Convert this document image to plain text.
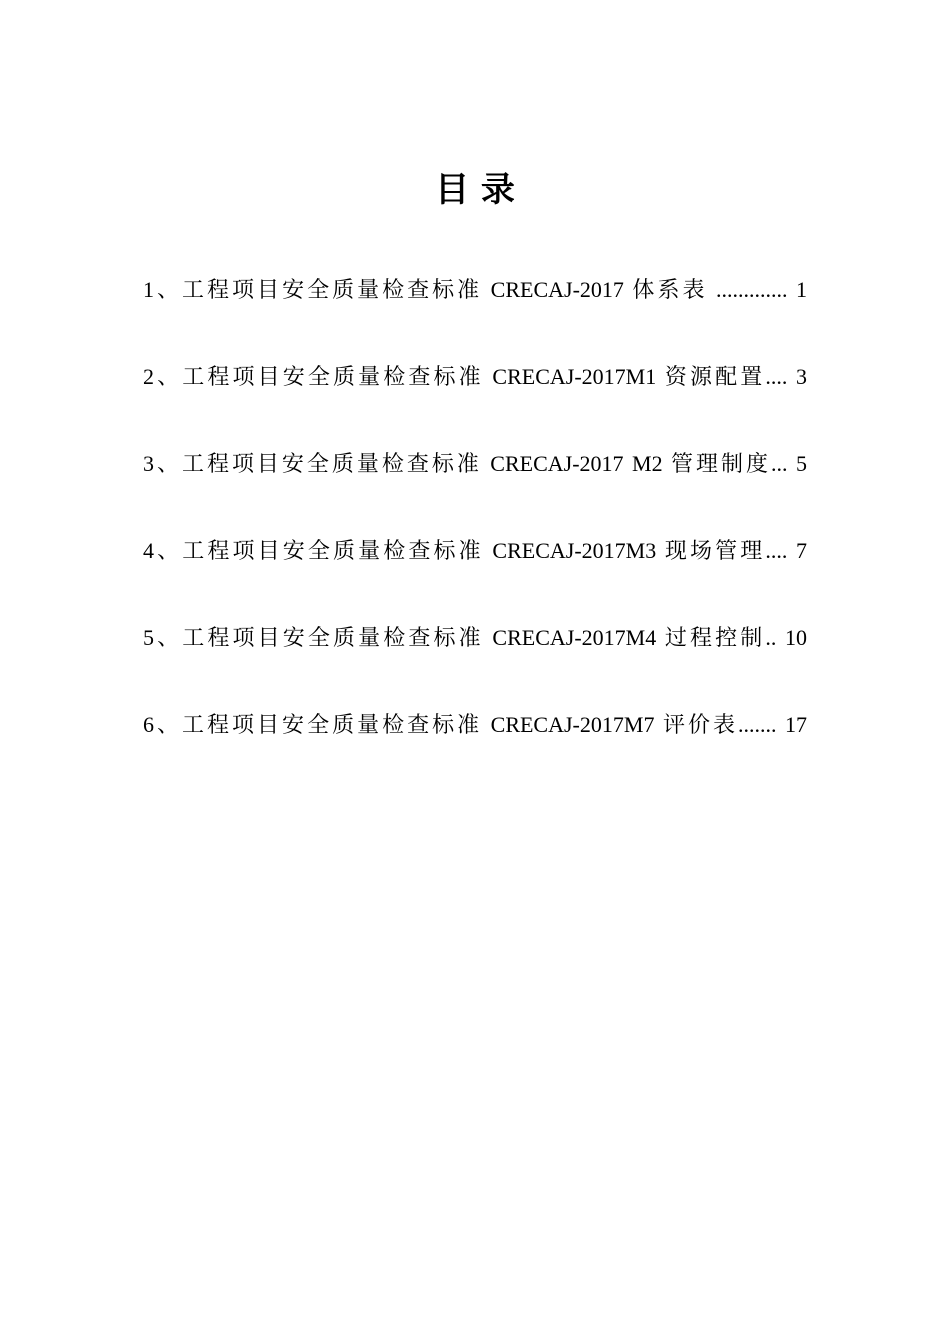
目 录
1、工程项目安全质量检查标准 CRECAJ-2017 体系表 ............. 1
2、工程项目安全质量检查标准 CRECAJ-2017M1 资源配置.... 3
3、工程项目安全质量检查标准 CRECAJ-2017 M2 管理制度... 5
4、工程项目安全质量检查标准 CRECAJ-2017M3 现场管理.... 7
5、工程项目安全质量检查标准 CRECAJ-2017M4 过程控制.. 10
6、工程项目安全质量检查标准 CRECAJ-2017M7 评价表....... 17
